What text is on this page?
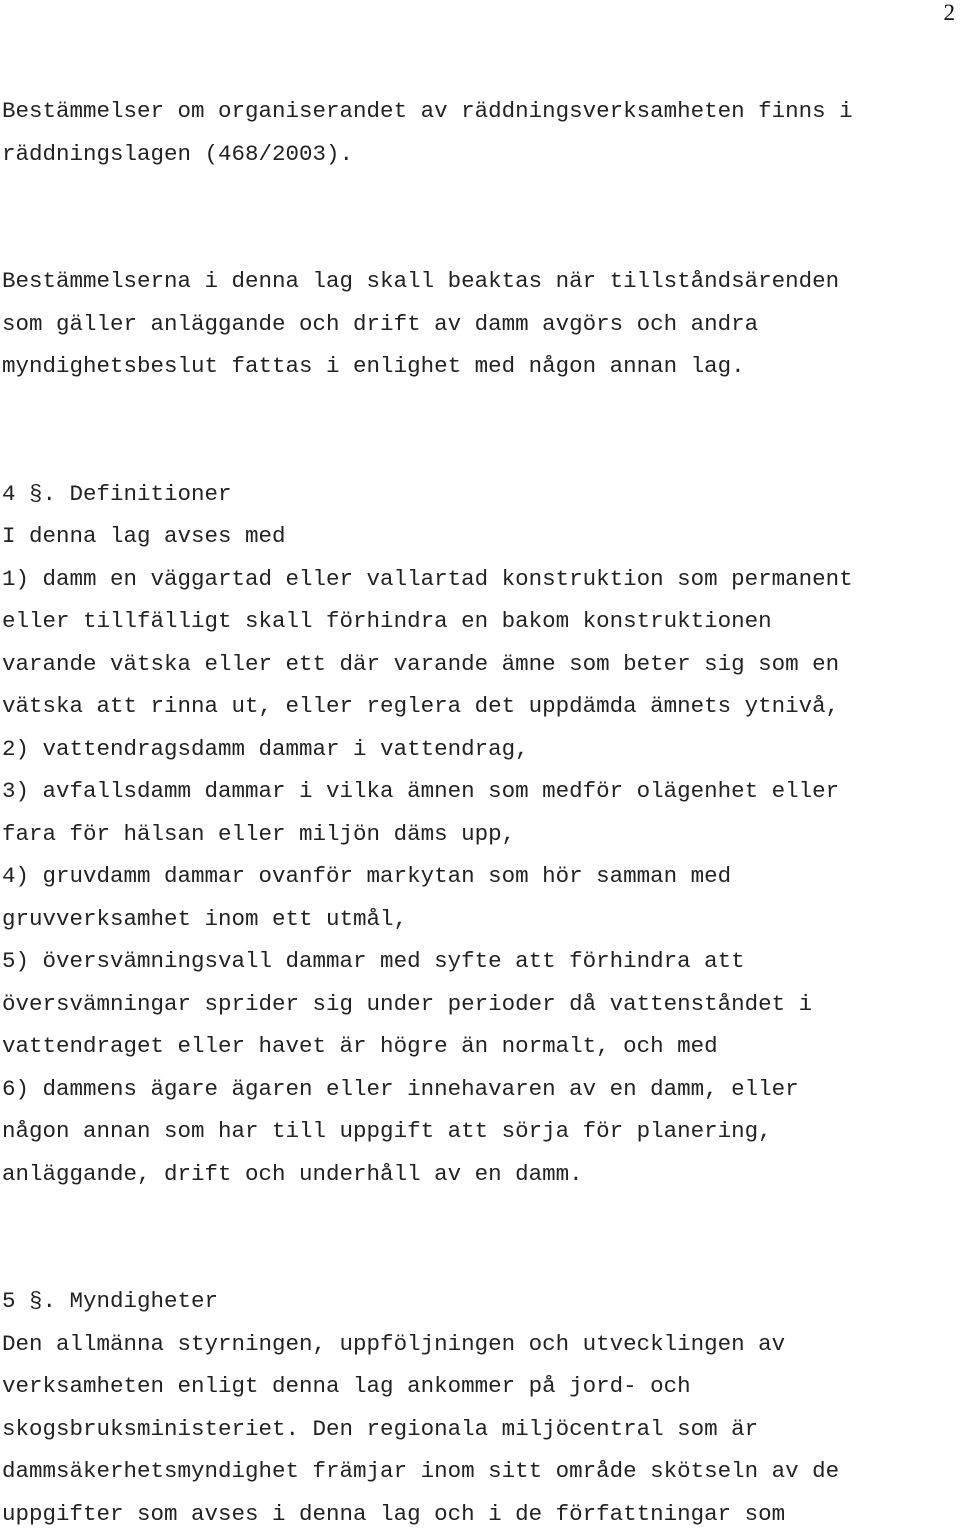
2
Bestämmelser om organiserandet av räddningsverksamheten finns i
räddningslagen (468/2003).
Bestämmelserna i denna lag skall beaktas när tillståndsärenden
som gäller anläggande och drift av damm avgörs och andra
myndighetsbeslut fattas i enlighet med någon annan lag.
4 §. Definitioner
I denna lag avses med
1) damm en väggartad eller vallartad konstruktion som permanent
eller tillfälligt skall förhindra en bakom konstruktionen
varande vätska eller ett där varande ämne som beter sig som en
vätska att rinna ut, eller reglera det uppdämda ämnets ytnivå,
2) vattendragsdamm dammar i vattendrag,
3) avfallsdamm dammar i vilka ämnen som medför olägenhet eller
fara för hälsan eller miljön däms upp,
4) gruvdamm dammar ovanför markytan som hör samman med
gruvverksamhet inom ett utmål,
5) översvämningsvall dammar med syfte att förhindra att
översvämningar sprider sig under perioder då vattenståndet i
vattendraget eller havet är högre än normalt, och med
6) dammens ägare ägaren eller innehavaren av en damm, eller
någon annan som har till uppgift att sörja för planering,
anläggande, drift och underhåll av en damm.
5 §. Myndigheter
Den allmänna styrningen, uppföljningen och utvecklingen av
verksamheten enligt denna lag ankommer på jord- och
skogsbruksministeriet. Den regionala miljöcentral som är
dammsäkerhetsmyndighet främjar inom sitt område skötseln av de
uppgifter som avses i denna lag och i de författningar som
